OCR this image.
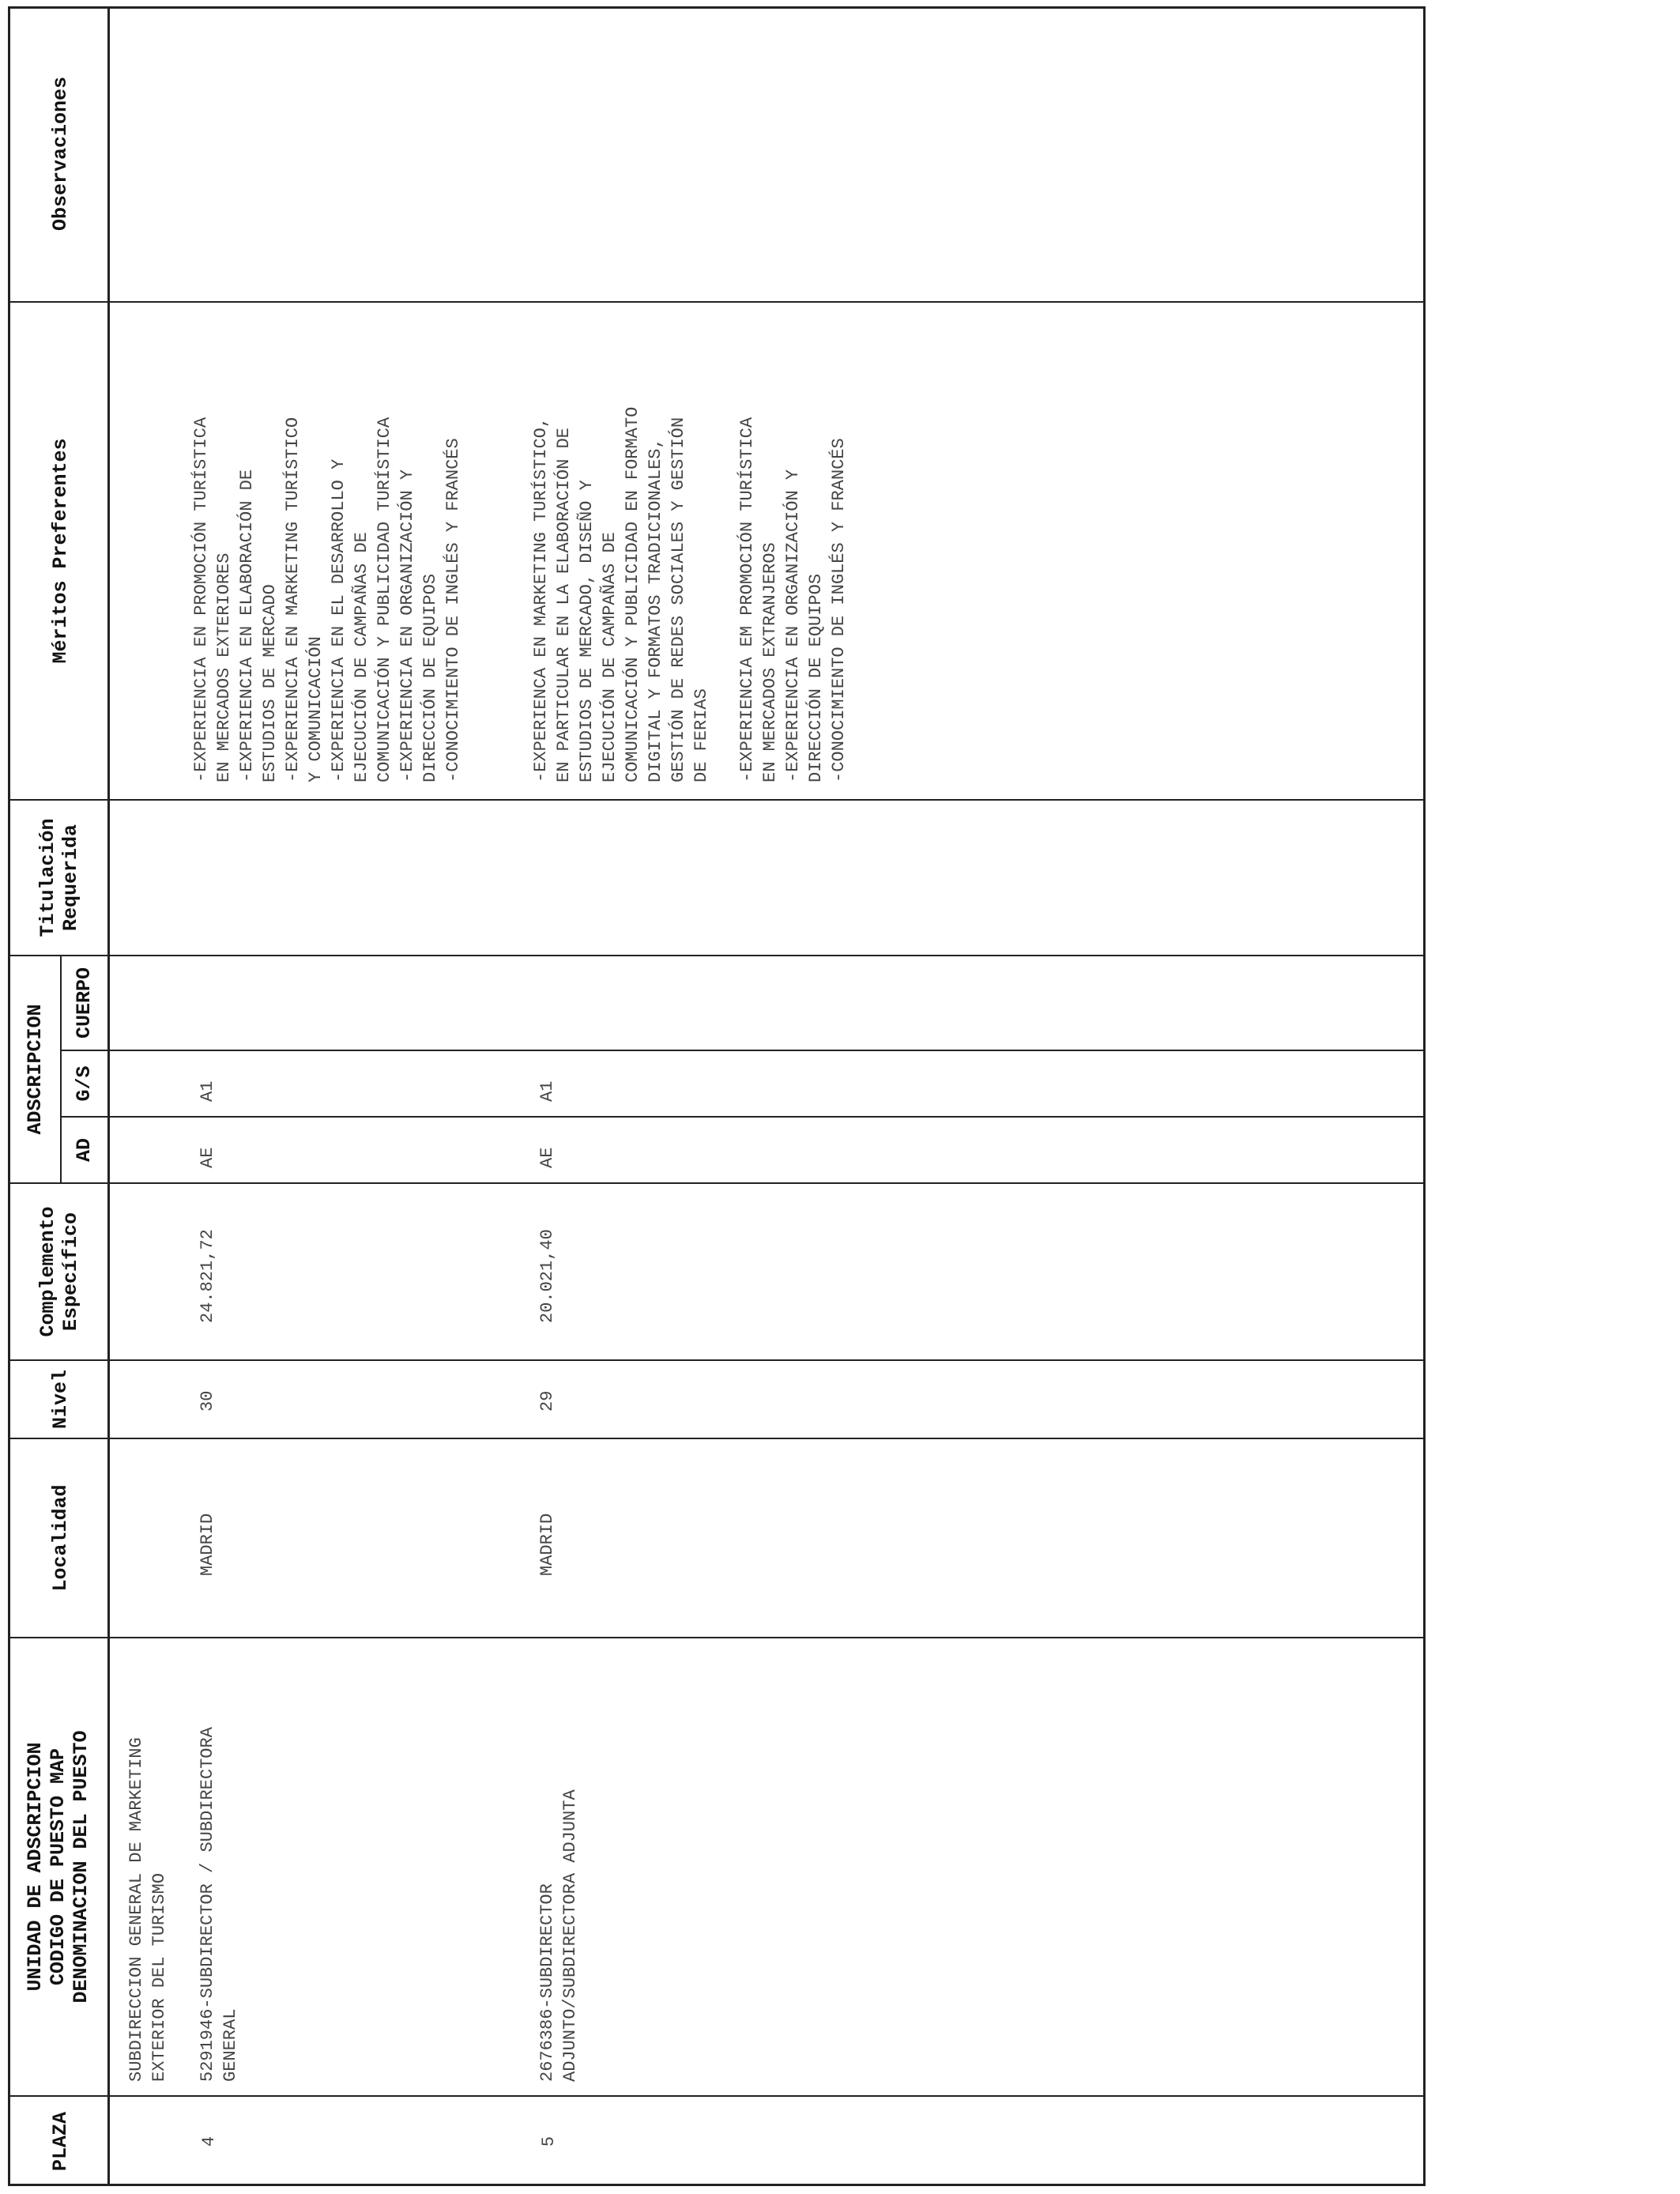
PLAZA
UNIDAD DE ADSCRIPCION
CODIGO DE PUESTO MAP
DENOMINACION DEL PUESTO
Localidad
Nivel
Complemento
Específico
ADSCRIPCION
AD
G/S
CUERPO
Titulación
Requerida
Méritos Preferentes
Observaciones
4
SUBDIRECCION GENERAL DE MARKETING
EXTERIOR DEL TURISMO 5291946-SUBDIRECTOR / SUBDIRECTORA
GENERAL
MADRID
30
24.821,72
AE
A1
-EXPERIENCIA EN PROMOCIÓN TURÍSTICA
EN MERCADOS EXTERIORES
-EXPERIENCIA EN ELABORACIÓN DE
ESTUDIOS DE MERCADO
-EXPERIENCIA EN MARKETING TURÍSTICO
Y COMUNICACIÓN
-EXPERIENCIA EN EL DESARROLLO Y
EJECUCIÓN DE CAMPAÑAS DE
COMUNICACIÓN Y PUBLICIDAD TURÍSTICA
-EXPERIENCIA EN ORGANIZACIÓN Y
DIRECCIÓN DE EQUIPOS
-CONOCIMIENTO DE INGLÉS Y FRANCÉS
5
2676386-SUBDIRECTOR
ADJUNTO/SUBDIRECTORA ADJUNTA
MADRID
29
20.021,40
AE
A1
-EXPERIENCA EN MARKETING TURÍSTICO,
EN PARTICULAR EN LA ELABORACIÓN DE
ESTUDIOS DE MERCADO, DISEÑO Y
EJECUCIÓN DE CAMPAÑAS DE
COMUNICACIÓN Y PUBLICIDAD EN FORMATO
DIGITAL Y FORMATOS TRADICIONALES,
GESTIÓN DE REDES SOCIALES Y GESTIÓN
DE FERIAS

-EXPERIENCIA EM PROMOCIÓN TURÍSTICA
EN MERCADOS EXTRANJEROS
-EXPERIENCIA EN ORGANIZACIÓN Y
DIRECCIÓN DE EQUIPOS
-CONOCIMIENTO DE INGLÉS Y FRANCÉS
